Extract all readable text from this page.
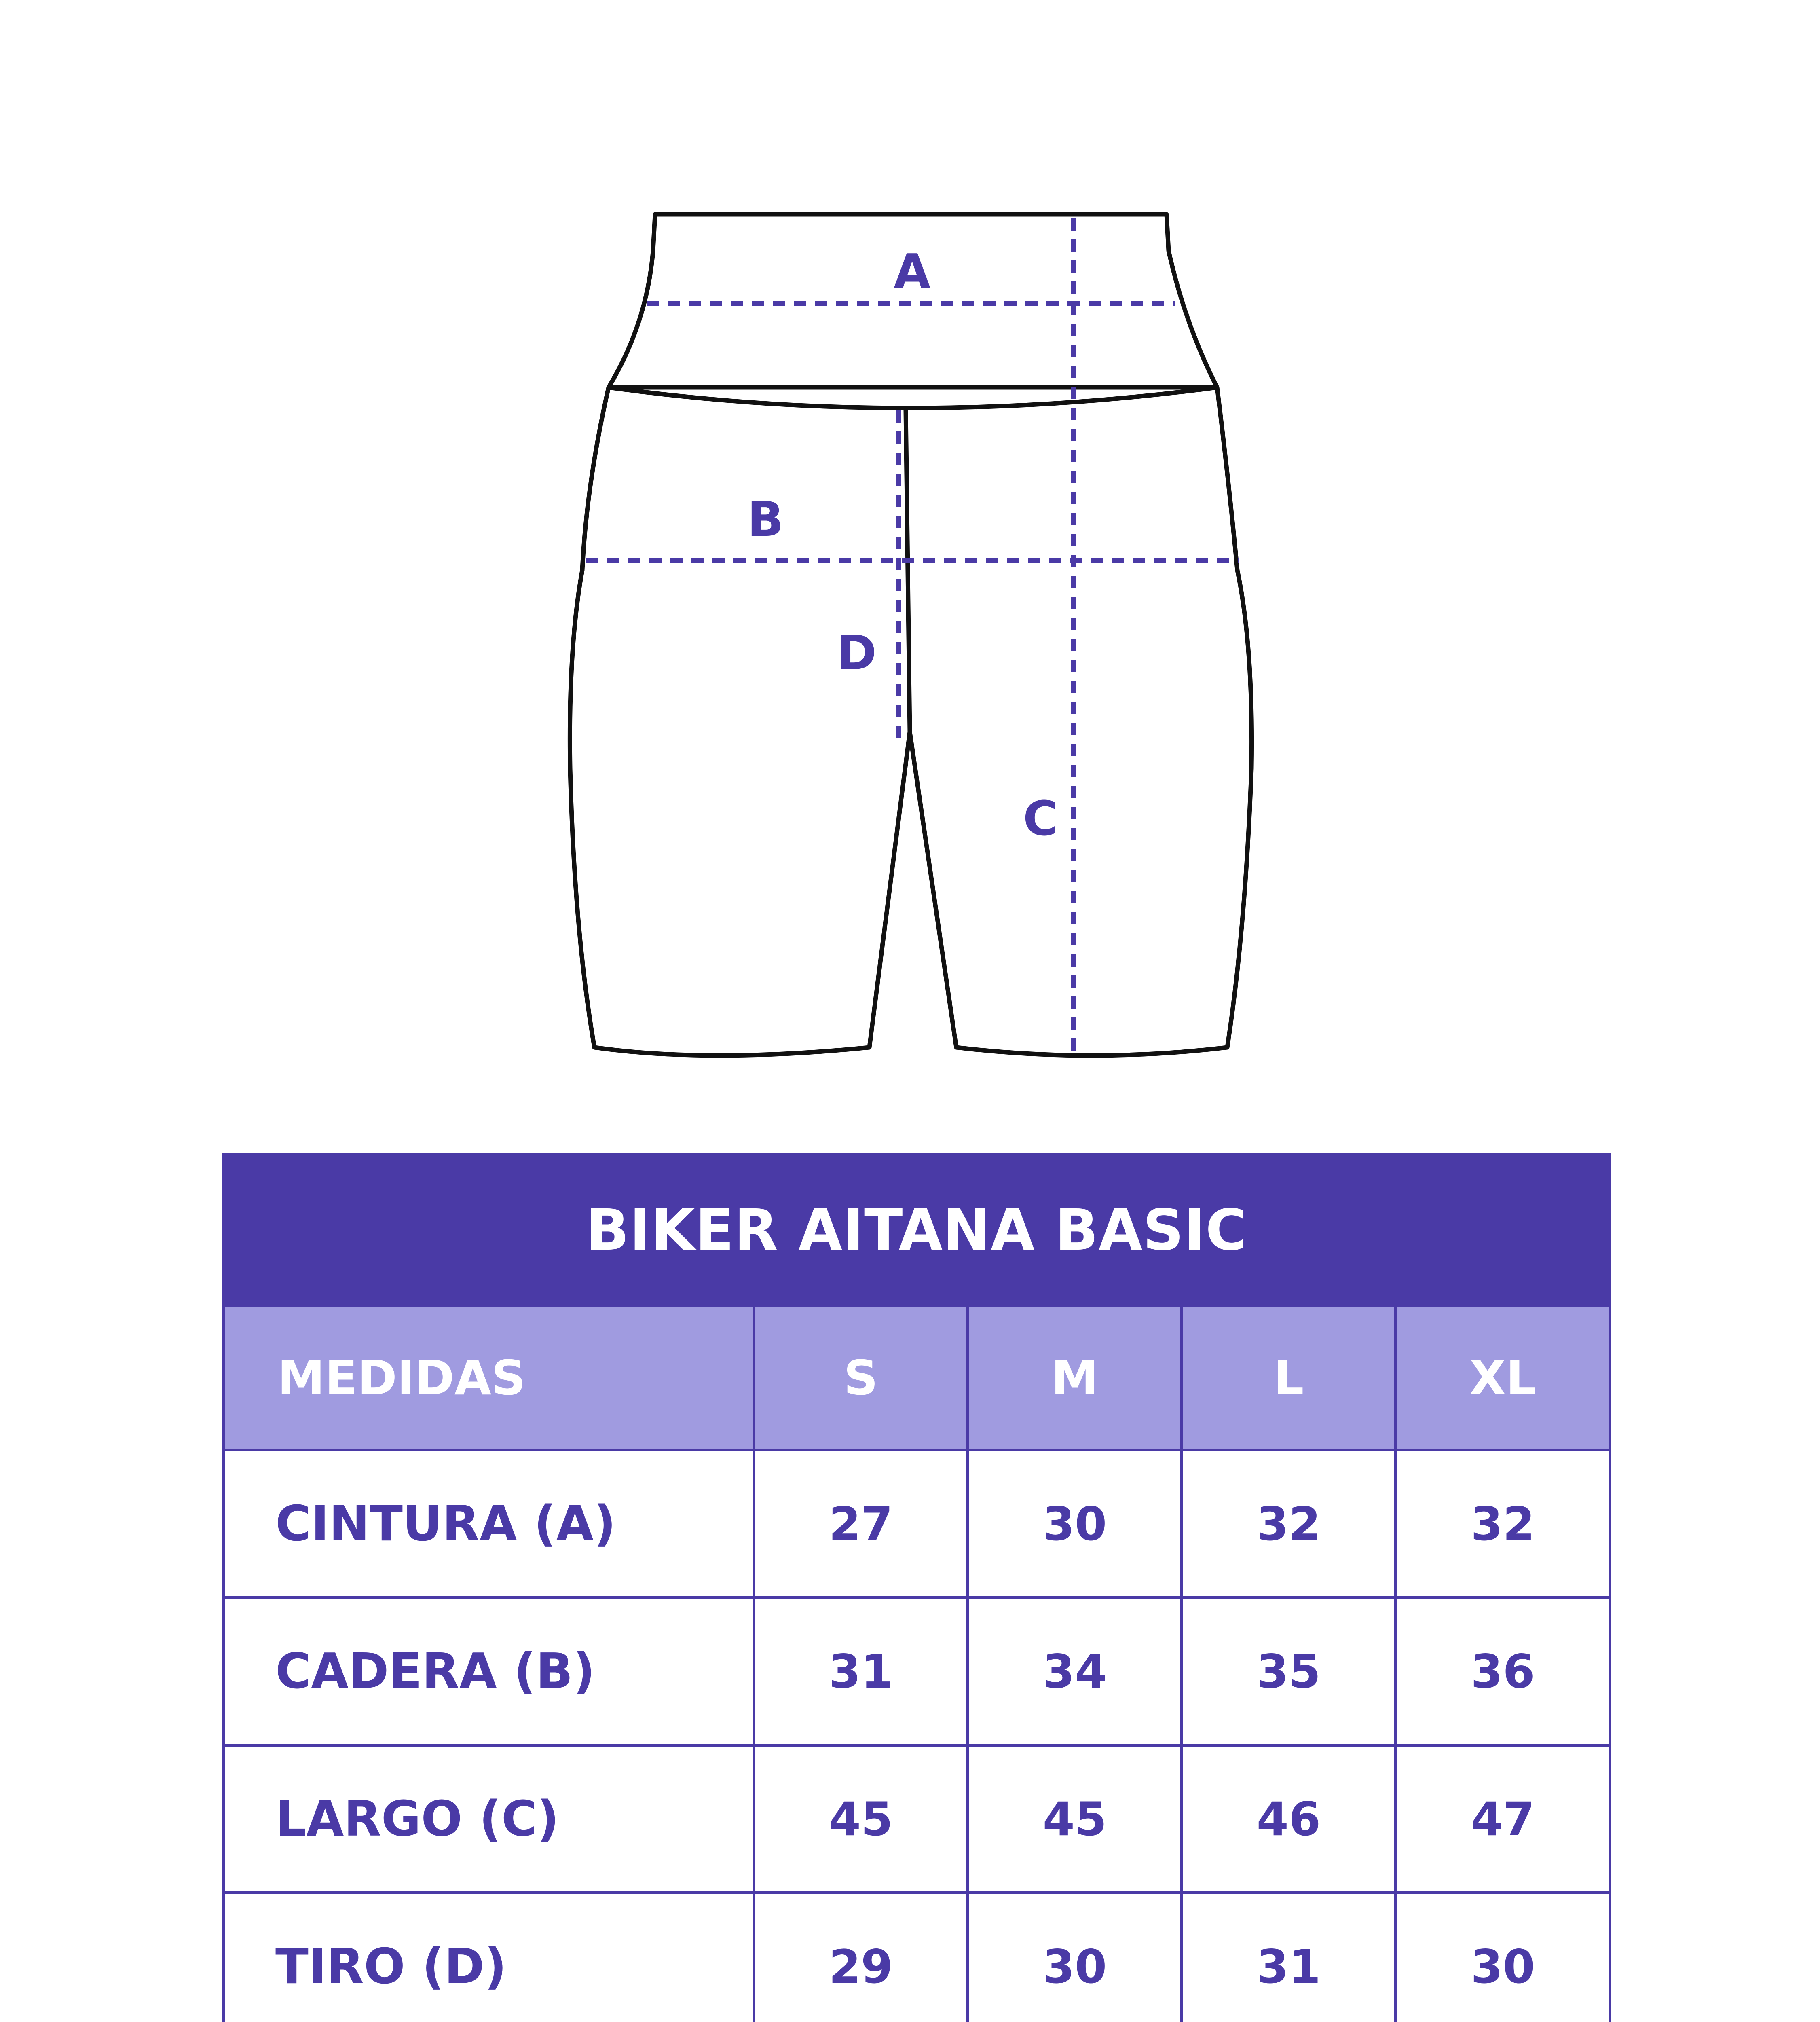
A
B
C
D
BIKER AITANA BASIC				
MEDIDAS	S	M	L	XL
CINTURA (A)	27	30	32	32
CADERA (B)	31	34	35	36
LARGO (C)	45	45	46	47
TIRO (D)	29	30	31	30
